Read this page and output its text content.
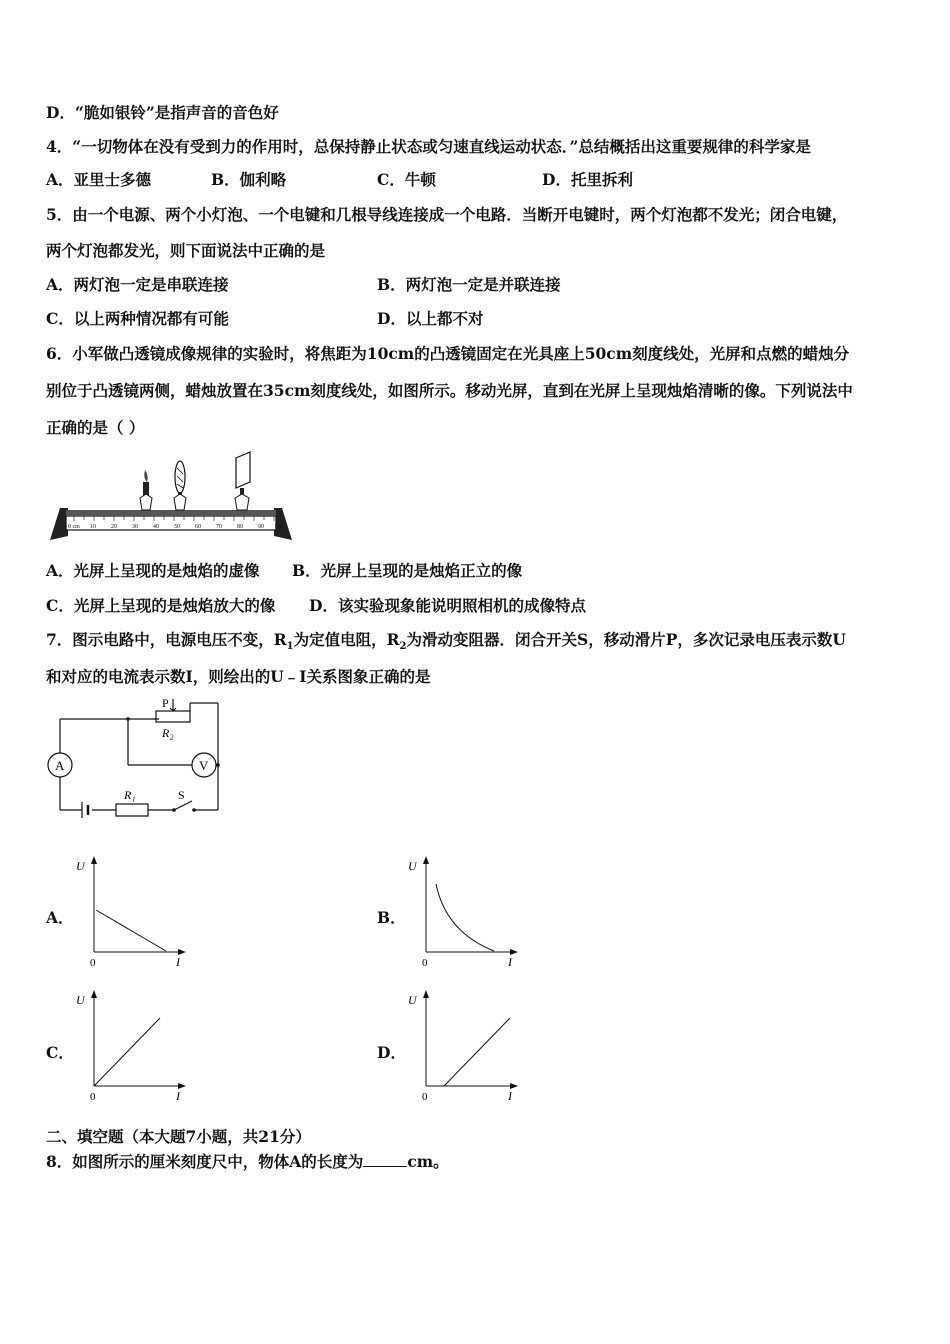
D．“脆如银铃”是指声音的音色好
4．“一切物体在没有受到力的作用时，总保持静止状态或匀速直线运动状态．”总结概括出这重要规律的科学家是
A．亚里士多德	B．伽利略	C．牛顿	D．托里拆利
5．由一个电源、两个小灯泡、一个电键和几根导线连接成一个电路．当断开电键时，两个灯泡都不发光；闭合电键，
两个灯泡都发光，则下面说法中正确的是
A．两灯泡一定是串联连接	B．两灯泡一定是并联连接
C．以上两种情况都有可能	D．以上都不对
6．小军做凸透镜成像规律的实验时，将焦距为10cm的凸透镜固定在光具座上50cm刻度线处，光屏和点燃的蜡烛分
别位于凸透镜两侧，蜡烛放置在35cm刻度线处，如图所示。移动光屏，直到在光屏上呈现烛焰清晰的像。下列说法中
正确的是（ ）
0 cm 10	20	30	40	50	60	70	80	90 100
A．光屏上呈现的是烛焰的虚像 B．光屏上呈现的是烛焰正立的像
C．光屏上呈现的是烛焰放大的像 D．该实验现象能说明照相机的成像特点
7．图示电路中，电源电压不变，$R_1$为定值电阻，$R_2$为滑动变阻器．闭合开关S，移动滑片P，多次记录电压表示数U
和对应的电流表示数I，则绘出的U﹣I关系图象正确的是
P
R₂
R₁	S
A	V
A．
U
I
0
B．
U
I
0
C．
U
I
0
D．
U
I
0
二、填空题（本大题7小题，共21分）
8．如图所示的厘米刻度尺中，物体A的长度为	cm。
